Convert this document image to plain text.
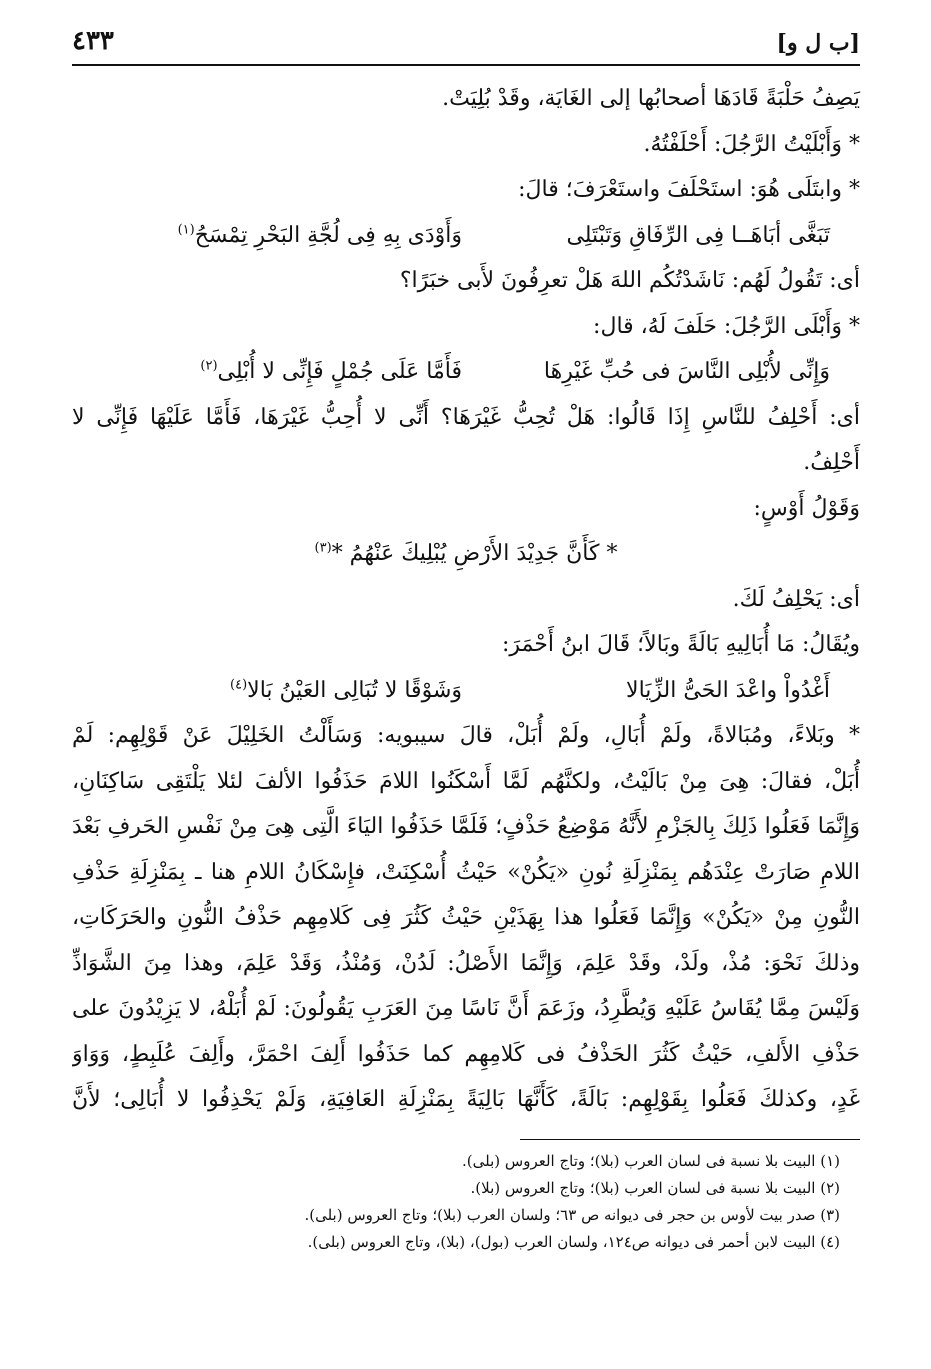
[ب ل و]
٤٣٣
يَصِفُ حَلْبَةً قَادَهَا أصحابُها إلى الغَايَة، وقَدْ بُلِيَتْ.
* وَأَبْلَيْتُ الرَّجُلَ: أَحْلَفْتُهُ.
* وابتَلَى هُوَ: استَحْلَفَ واستَعْرَفَ؛ قالَ:
تَبَغَّى أبَاهَــا فِى الرِّفَاقِ وَتَبْتَلِى
وَأَوْدَى بِهِ فِى لُجَّةِ البَحْرِ تِمْسَحُ$^{(١)}$
أى: تَقُولُ لَهُم: نَاشَدْتُكُم اللهَ هَلْ تعرِفُونَ لأَبى خبَرًا؟
* وَأَبْلَى الرَّجُلَ: حَلَفَ لَهُ، قال:
وَإِنِّى لأُبْلِى النَّاسَ فى حُبِّ غَيْرِهَا
فَأَمَّا عَلَى جُمْلٍ فَإِنِّى لا أُبْلِى$^{(٢)}$
أى: أَحْلِفُ للنَّاسِ إِذَا قَالُوا: هَلْ تُحِبُّ غَيْرَهَا؟ أَنِّى لا أُحِبُّ غَيْرَهَا، فَأَمَّا عَلَيْهَا فَإِنِّى لا
أَحْلِفُ.
وَقَوْلُ أَوْسٍ:
* كَأَنَّ جَدِيْدَ الأَرْضِ يُبْلِيكَ عَنْهُمُ *$^{(٣)}$
أى: يَحْلِفُ لَكَ.
ويُقَالُ: مَا أُبَالِيهِ بَالَةً وبَالاً؛ قَالَ ابنُ أَحْمَرَ:
أَغْدُواْ واعْدَ الحَىُّ الزِّيَالا
وَشَوْقًا لا تُبَالِى العَيْنُ بَالا$^{(٤)}$
* وبَلاءً، ومُبَالاةً، ولَمْ أُبَالِ، ولَمْ أُبَلْ، قالَ سيبويه: وَسَأَلْتُ الخَلِيْلَ عَنْ قَوْلِهِم: لَمْ
أُبَلْ، فقالَ: هِىَ مِنْ بَالَيْتُ، ولكنَّهُم لَمَّا أَسْكَنُوا اللامَ حَذَفُوا الألفَ لئلا يَلْتَقِى سَاكِنَانِ،
وَإِنَّمَا فَعَلُوا ذَلِكَ بِالجَزْمِ لأَنَّهُ مَوْضِعُ حَذْفٍ؛ فَلَمَّا حَذَفُوا اليَاءَ الَّتِى هِىَ مِنْ نَفْسِ الحَرفِ بَعْدَ
اللامِ صَارَتْ عِنْدَهُم بِمَنْزِلَةِ نُونِ «يَكُنْ» حَيْثُ أُسْكِنَتْ، فإِسْكَانُ اللامِ هنا ـ بِمَنْزِلَةِ حَذْفِ
النُّونِ مِنْ «يَكُنْ» وَإِنَّمَا فَعَلُوا هذا بِهَذَيْنِ حَيْثُ كَثُرَ فِى كَلامِهِم حَذْفُ النُّونِ والحَرَكَاتِ،
وذلكَ نَحْوَ: مُذْ، ولَدْ، وقَدْ عَلِمَ، وَإِنَّمَا الأَصْلُ: لَدُنْ، وَمُنْذُ، وَقَدْ عَلِمَ، وهذا مِنَ الشَّوَاذِّ
وَلَيْسَ مِمَّا يُقَاسُ عَلَيْهِ وَيُطَّرِدُ، وزَعَمَ أَنَّ نَاسًا مِنَ العَرَبِ يَقُولُونَ: لَمْ أُبَلْهُ، لا يَزِيْدُونَ على
حَذْفِ الأَلفِ، حَيْثُ كَثُرَ الحَذْفُ فى كَلامِهِم كما حَذَفُوا أَلِفَ احْمَرَّ، وأَلِفَ عُلَبِطٍ، وَوَاوَ
غَدٍ، وكذلكَ فَعَلُوا بِقَوْلِهِم: بَالَةً، كَأَنَّهَا بَالِيَةً بِمَنْزِلَةِ العَافِيَةِ، وَلَمْ يَحْذِفُوا لا أُبَالِى؛ لأَنَّ
(١) البيت بلا نسبة فى لسان العرب (بلا)؛ وتاج العروس (بلى).
(٢) البيت بلا نسبة فى لسان العرب (بلا)؛ وتاج العروس (بلا).
(٣) صدر بيت لأوس بن حجر فى ديوانه ص ٦٣؛ ولسان العرب (بلا)؛ وتاج العروس (بلى).
(٤) البيت لابن أحمر فى ديوانه ص١٢٤، ولسان العرب (بول)، (بلا)، وتاج العروس (بلى).
